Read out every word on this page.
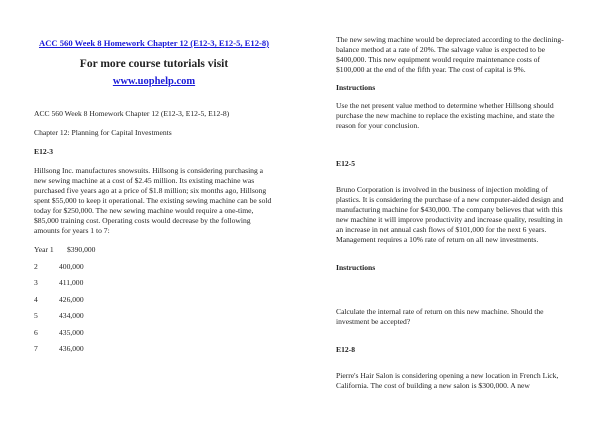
ACC 560 Week 8 Homework Chapter 12 (E12-3, E12-5, E12-8)
For more course tutorials visit
www.uophelp.com

ACC 560 Week 8 Homework Chapter 12 (E12-3, E12-5, E12-8)

Chapter 12: Planning for Capital Investments

E12-3

Hillsong Inc. manufactures snowsuits. Hillsong is considering purchasing a new sewing machine at a cost of $2.45 million. Its existing machine was purchased five years ago at a price of $1.8 million; six months ago, Hillsong spent $55,000 to keep it operational. The existing sewing machine can be sold today for $250,000. The new sewing machine would require a one-time, $85,000 training cost. Operating costs would decrease by the following amounts for years 1 to 7:

Year 1	$390,000
2	400,000
3	411,000
4	426,000
5	434,000
6	435,000
7	436,000

The new sewing machine would be depreciated according to the declining-balance method at a rate of 20%. The salvage value is expected to be $400,000. This new equipment would require maintenance costs of $100,000 at the end of the fifth year. The cost of capital is 9%.

Instructions

Use the net present value method to determine whether Hillsong should purchase the new machine to replace the existing machine, and state the reason for your conclusion.

E12-5

Bruno Corporation is involved in the business of injection molding of plastics. It is considering the purchase of a new computer-aided design and manufacturing machine for $430,000. The company believes that with this new machine it will improve productivity and increase quality, resulting in an increase in net annual cash flows of $101,000 for the next 6 years. Management requires a 10% rate of return on all new investments.

Instructions

Calculate the internal rate of return on this new machine. Should the investment be accepted?

E12-8

Pierre's Hair Salon is considering opening a new location in French Lick, California. The cost of building a new salon is $300,000. A new
